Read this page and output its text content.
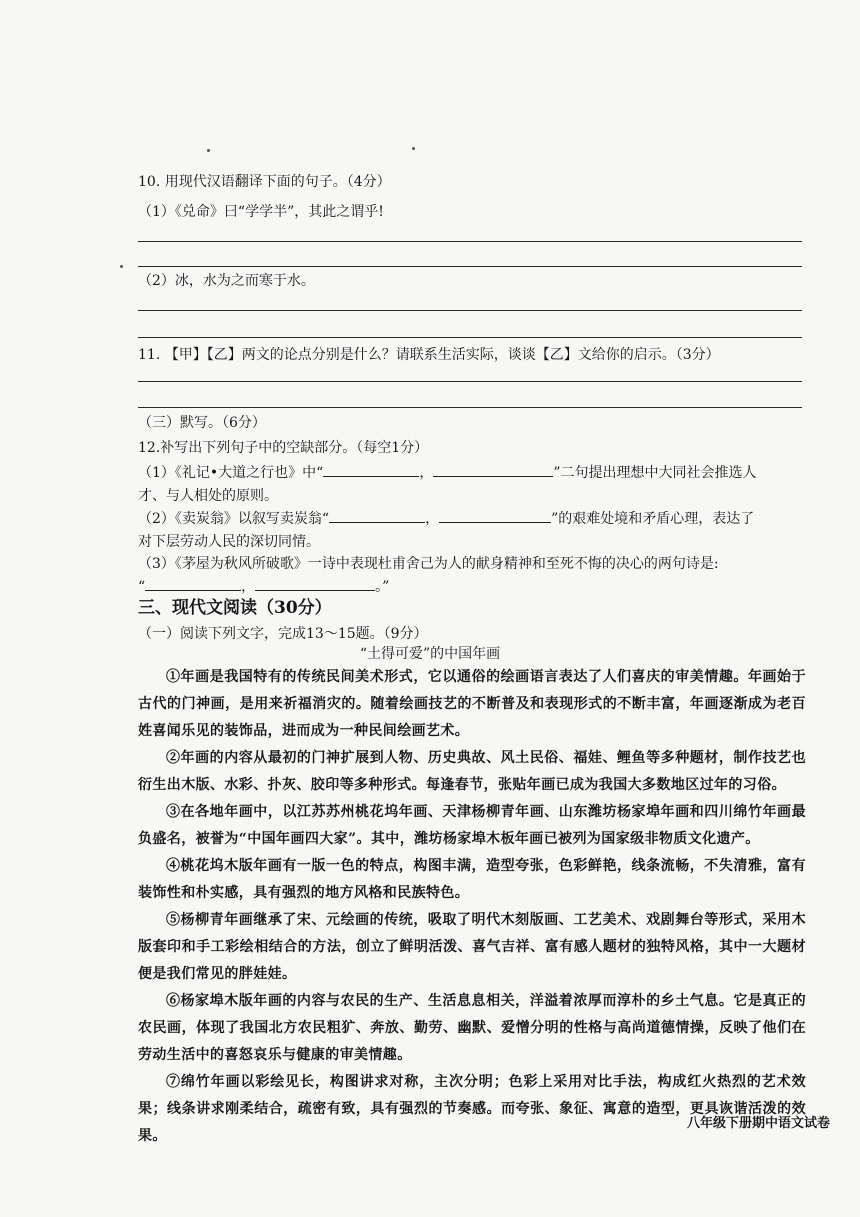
10. 用现代汉语翻译下面的句子。（4分）
（1）《兑命》曰“学学半”，其此之谓乎!
（2）冰，水为之而寒于水。
11. 【甲】【乙】两文的论点分别是什么？请联系生活实际，谈谈【乙】文给你的启示。（3分）
（三）默写。（6分）
12.补写出下列句子中的空缺部分。（每空1分）
（1）《礼记•大道之行也》中“	，	”二句提出理想中大同社会推选人
才、与人相处的原则。
（2）《卖炭翁》以叙写卖炭翁“	，	”的艰难处境和矛盾心理，表达了
对下层劳动人民的深切同情。
（3）《茅屋为秋风所破歌》一诗中表现杜甫舍己为人的献身精神和至死不悔的决心的两句诗是:
“	，	。”
三、现代文阅读（30分）
（一）阅读下列文字，完成13～15题。（9分）
“土得可爱”的中国年画

①年画是我国特有的传统民间美术形式，它以通俗的绘画语言表达了人们喜庆的审美情趣。年画始于古代的门神画，是用来祈福消灾的。随着绘画技艺的不断普及和表现形式的不断丰富，年画逐渐成为老百姓喜闻乐见的装饰品，进而成为一种民间绘画艺术。

②年画的内容从最初的门神扩展到人物、历史典故、风土民俗、福娃、鲤鱼等多种题材，制作技艺也衍生出木版、水彩、扑灰、胶印等多种形式。每逢春节，张贴年画已成为我国大多数地区过年的习俗。

③在各地年画中，以江苏苏州桃花坞年画、天津杨柳青年画、山东潍坊杨家埠年画和四川绵竹年画最负盛名，被誉为“中国年画四大家”。其中，潍坊杨家埠木板年画已被列为国家级非物质文化遗产。

④桃花坞木版年画有一版一色的特点，构图丰满，造型夸张，色彩鲜艳，线条流畅，不失清雅，富有装饰性和朴实感，具有强烈的地方风格和民族特色。

⑤杨柳青年画继承了宋、元绘画的传统，吸取了明代木刻版画、工艺美术、戏剧舞台等形式，采用木版套印和手工彩绘相结合的方法，创立了鲜明活泼、喜气吉祥、富有感人题材的独特风格，其中一大题材便是我们常见的胖娃娃。

⑥杨家埠木版年画的内容与农民的生产、生活息息相关，洋溢着浓厚而淳朴的乡土气息。它是真正的农民画，体现了我国北方农民粗犷、奔放、勤劳、幽默、爱憎分明的性格与高尚道德情操，反映了他们在劳动生活中的喜怒哀乐与健康的审美情趣。

⑦绵竹年画以彩绘见长，构图讲求对称，主次分明；色彩上采用对比手法，构成红火热烈的艺术效果；线条讲求刚柔结合，疏密有致，具有强烈的节奏感。而夸张、象征、寓意的造型，更具诙谐活泼的效果。

八年级下册期中语文试卷
